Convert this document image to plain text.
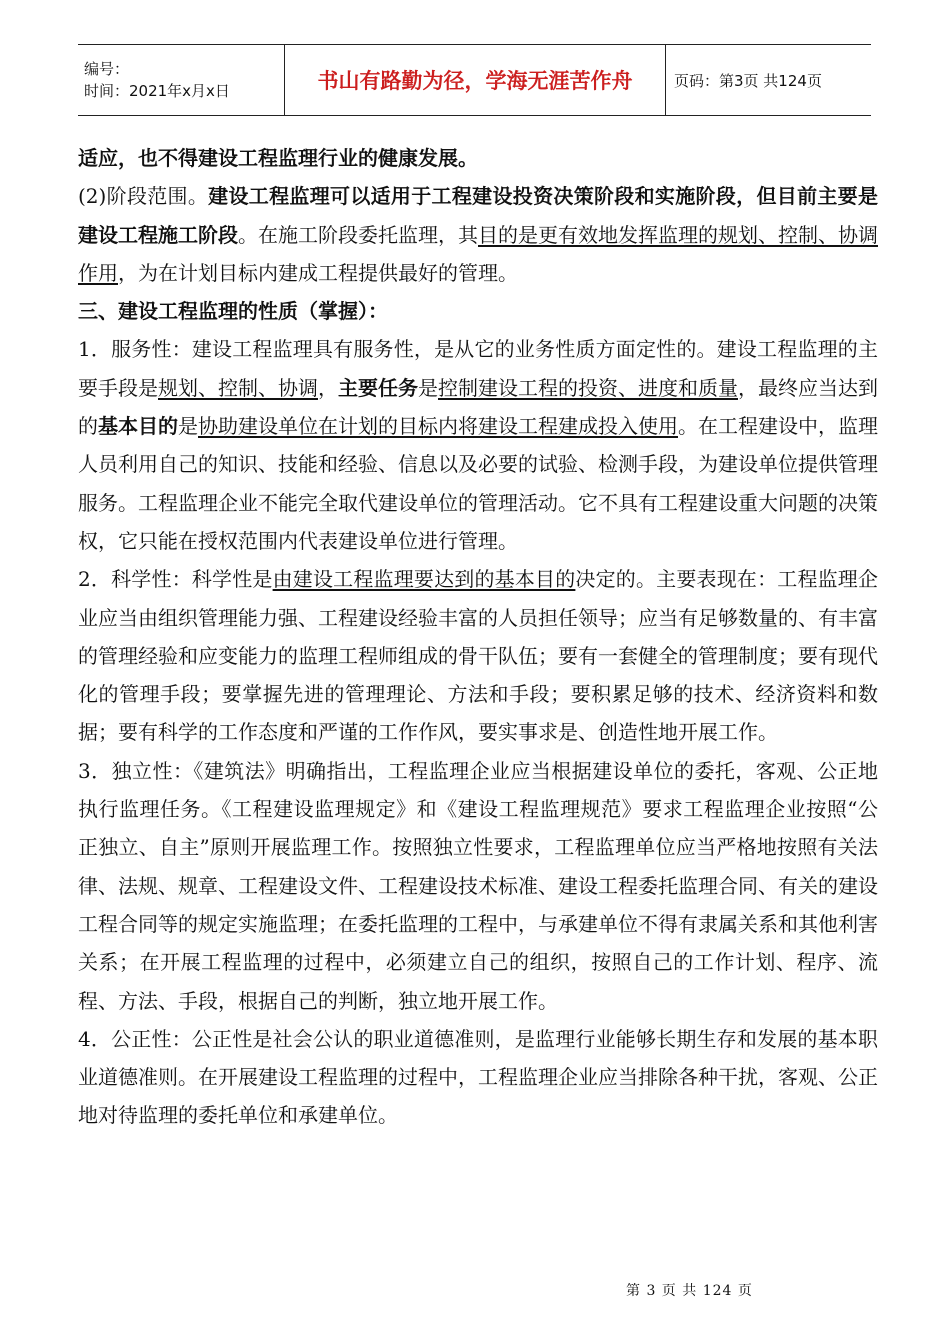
编号：
时间：2021年x月x日	书山有路勤为径，学海无涯苦作舟	页码：第3页 共124页

适应，也不得建设工程监理行业的健康发展。

(2)阶段范围。建设工程监理可以适用于工程建设投资决策阶段和实施阶段，但目前主要是建设工程施工阶段。在施工阶段委托监理，其目的是更有效地发挥监理的规划、控制、协调作用，为在计划目标内建成工程提供最好的管理。

三、建设工程监理的性质（掌握）：

1．服务性：建设工程监理具有服务性，是从它的业务性质方面定性的。建设工程监理的主要手段是规划、控制、协调，主要任务是控制建设工程的投资、进度和质量，最终应当达到的基本目的是协助建设单位在计划的目标内将建设工程建成投入使用。在工程建设中，监理人员利用自己的知识、技能和经验、信息以及必要的试验、检测手段，为建设单位提供管理服务。工程监理企业不能完全取代建设单位的管理活动。它不具有工程建设重大问题的决策权，它只能在授权范围内代表建设单位进行管理。

2．科学性：科学性是由建设工程监理要达到的基本目的决定的。主要表现在：工程监理企业应当由组织管理能力强、工程建设经验丰富的人员担任领导；应当有足够数量的、有丰富的管理经验和应变能力的监理工程师组成的骨干队伍；要有一套健全的管理制度；要有现代化的管理手段；要掌握先进的管理理论、方法和手段；要积累足够的技术、经济资料和数据；要有科学的工作态度和严谨的工作作风，要实事求是、创造性地开展工作。

3．独立性：《建筑法》明确指出，工程监理企业应当根据建设单位的委托，客观、公正地执行监理任务。《工程建设监理规定》和《建设工程监理规范》要求工程监理企业按照“公正独立、自主”原则开展监理工作。按照独立性要求，工程监理单位应当严格地按照有关法律、法规、规章、工程建设文件、工程建设技术标准、建设工程委托监理合同、有关的建设工程合同等的规定实施监理；在委托监理的工程中，与承建单位不得有隶属关系和其他利害关系；在开展工程监理的过程中，必须建立自己的组织，按照自己的工作计划、程序、流程、方法、手段，根据自己的判断，独立地开展工作。

4．公正性：公正性是社会公认的职业道德准则，是监理行业能够长期生存和发展的基本职业道德准则。在开展建设工程监理的过程中，工程监理企业应当排除各种干扰，客观、公正地对待监理的委托单位和承建单位。

第 3 页 共 124 页
